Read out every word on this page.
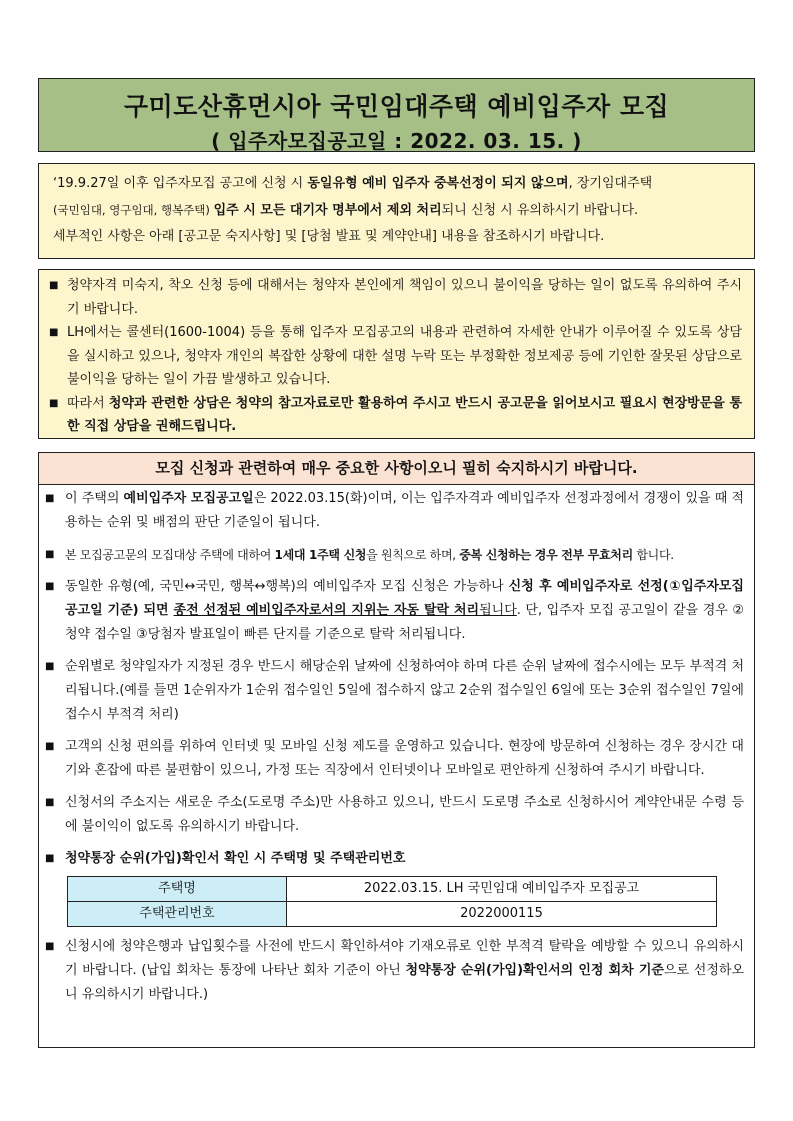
구미도산휴먼시아 국민임대주택 예비입주자 모집
( 입주자모집공고일 : 2022. 03. 15. )
‘19.9.27일 이후 입주자모집 공고에 신청 시 동일유형 예비 입주자 중복선정이 되지 않으며, 장기임대주택
(국민임대, 영구임대, 행복주택) 입주 시 모든 대기자 명부에서 제외 처리되니 신청 시 유의하시기 바랍니다.
세부적인 사항은 아래 [공고문 숙지사항] 및 [당첨 발표 및 계약안내] 내용을 참조하시기 바랍니다.
■ 청약자격 미숙지, 착오 신청 등에 대해서는 청약자 본인에게 책임이 있으니 불이익을 당하는 일이 없도록 유의하여 주시기 바랍니다.
■ LH에서는 콜센터(1600-1004) 등을 통해 입주자 모집공고의 내용과 관련하여 자세한 안내가 이루어질 수 있도록 상담을 실시하고 있으나, 청약자 개인의 복잡한 상황에 대한 설명 누락 또는 부정확한 정보제공 등에 기인한 잘못된 상담으로 불이익을 당하는 일이 가끔 발생하고 있습니다.
■ 따라서 청약과 관련한 상담은 청약의 참고자료로만 활용하여 주시고 반드시 공고문을 읽어보시고 필요시 현장방문을 통한 직접 상담을 권해드립니다.
모집 신청과 관련하여 매우 중요한 사항이오니 필히 숙지하시기 바랍니다.
■ 이 주택의 예비입주자 모집공고일은 2022.03.15(화)이며, 이는 입주자격과 예비입주자 선정과정에서 경쟁이 있을 때 적용하는 순위 및 배점의 판단 기준일이 됩니다.
■ 본 모집공고문의 모집대상 주택에 대하여 1세대 1주택 신청을 원칙으로 하며, 중복 신청하는 경우 전부 무효처리 합니다.
■ 동일한 유형(예, 국민↔국민, 행복↔행복)의 예비입주자 모집 신청은 가능하나 신청 후 예비입주자로 선정(①입주자모집 공고일 기준) 되면 종전 선정된 예비입주자로서의 지위는 자동 탈락 처리됩니다. 단, 입주자 모집 공고일이 같을 경우 ②청약 접수일 ③당첨자 발표일이 빠른 단지를 기준으로 탈락 처리됩니다.
■ 순위별로 청약일자가 지정된 경우 반드시 해당순위 날짜에 신청하여야 하며 다른 순위 날짜에 접수시에는 모두 부적격 처리됩니다.(예를 들면 1순위자가 1순위 접수일인 5일에 접수하지 않고 2순위 접수일인 6일에 또는 3순위 접수일인 7일에 접수시 부적격 처리)
■ 고객의 신청 편의를 위하여 인터넷 및 모바일 신청 제도를 운영하고 있습니다. 현장에 방문하여 신청하는 경우 장시간 대기와 혼잡에 따른 불편함이 있으니, 가정 또는 직장에서 인터넷이나 모바일로 편안하게 신청하여 주시기 바랍니다.
■ 신청서의 주소지는 새로운 주소(도로명 주소)만 사용하고 있으니, 반드시 도로명 주소로 신청하시어 계약안내문 수령 등에 불이익이 없도록 유의하시기 바랍니다.
■ 청약통장 순위(가입)확인서 확인 시 주택명 및 주택관리번호
주택명	2022.03.15. LH 국민임대 예비입주자 모집공고
주택관리번호	2022000115
■ 신청시에 청약은행과 납입횟수를 사전에 반드시 확인하셔야 기재오류로 인한 부적격 탈락을 예방할 수 있으니 유의하시기 바랍니다. (납입 회차는 통장에 나타난 회차 기준이 아닌 청약통장 순위(가입)확인서의 인정 회차 기준으로 선정하오니 유의하시기 바랍니다.)
